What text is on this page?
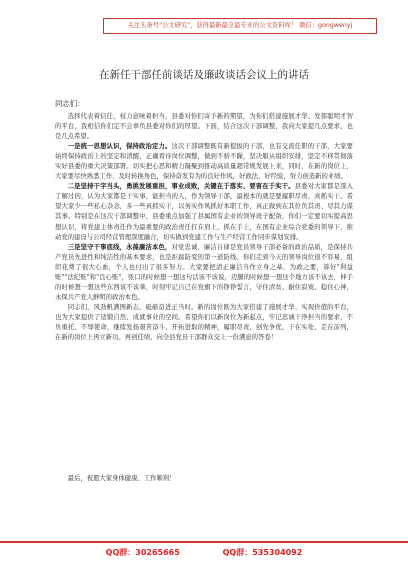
关注头条号"公文研究"，获得最新最全最专业的公文资料库！ 微信：gongwenyj
在新任干部任前谈话及廉政谈话会议上的讲话
同志们：

选择代表着信任，权力意味着担当，县委对你们寄予新的期望，为你们搭建施展才华、发挥聪明才智的平台，我相信你们定不会辜负县委对你们的厚望。下面，结合这次干部调整，我向大家提几点要求，也是几点希望。

一是统一思想认识，保持政治定力。这次干部调整既有新提拔的干部，也有交流任职的干部，大家要始终保持政治上的坚定和清醒，正确看待岗位调整，做到不骄不躁，坚决服从组织安排，坚定不移贯彻落实好县委的重大决策部署。切实把心思和精力凝聚到推动高质量超常规发展上来，同时，在新的岗位上，大家要尽快熟悉工作，及时转换角色，保持奋发有为的良好作风，好政法、好经验，努力创造新的业绩。

二是坚持干字当头，勇挑发展重担，事业成败，关键在于落实、要害在于实干。县委对大家都是深入了解过的，认为大家都是干实事、能担当的人，作为领导干部，最根本的就是要履职尽责、真抓实干。希望大家少一些私心杂念，多一些真抓实干，以务实作风抓好本职工作，真正做到在其位负其责、尽其力谋其事。特别是在这次干部调整中，县委重点加强了县属国有企业的领导班子配备，你们一定要切实提高思想认识，将党建主体责任作为最重要的政治责任扛在肩上、抓在手上，在国有企业综合党委的领导下，推动党的建设与公司经营管理深度融合，切实做到党建工作与生产经营工作同步谋划安排。

三是坚守干事底线，永葆廉洁本色，对党忠诚、廉洁自律是党员领导干部必备的政治品质，是保持共产党员先进性和纯洁性的基本要求，也是拒腐防变的第一道防线。你们走到今天的领导岗位很不容易，组织花费了很大心血，个人也付出了很多努力。大家要把清正廉洁当作立身之基、为政之要，算好"利益账""法纪账"和"良心账"，张口的时候想一想这句话该不该说，迈腿的时候想一想这个地方该不该去，伸手的时候想一想这些东西该不该拿，时刻牢记自己在党旗下的铮铮誓言，守住清贫、耐住寂寞、稳住心神，永保共产党人鲜明的政治本色。

同志们，风劲帆满图新志，砥砺奋进正当时。新的岗位既为大家搭建了施展才华、实现价值的平台，也为大家提供了适锻自然、成就事业的空间。希望你们以新岗位为新起点，牢记忠诚干净担当的要求，不负重托、不辱使命，继续发扬艰苦奋斗、开拓进取的精神，履职尽责、创先争优、干在实处、走在前列，在新的岗位上再立新功、再创佳绩，向全县党员干部群众交上一份满意的答卷！

最后，祝愿大家身体健康、工作顺利！
QQ群：30265665	QQ群：535304092
